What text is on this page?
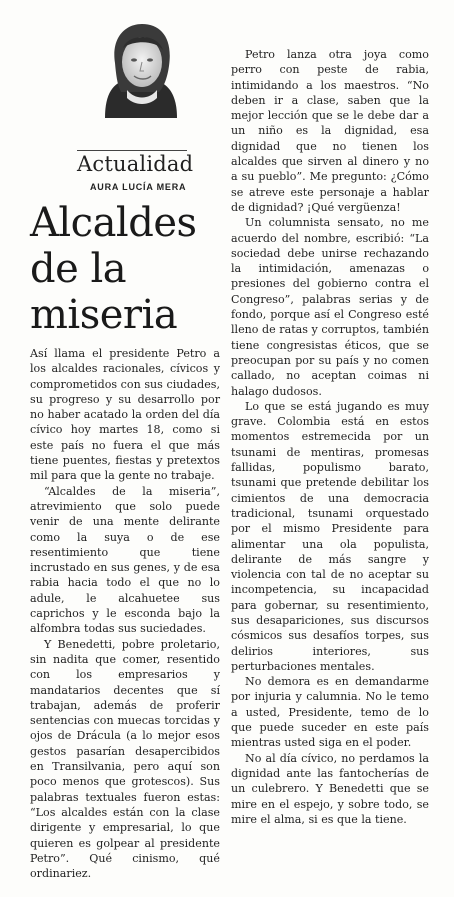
Actualidad
AURA LUCÍA MERA
Alcaldes
de la
miseria

Así llama el presidente Petro a los alcaldes racionales, cívicos y comprometidos con sus ciudades, su progreso y su desarrollo por no haber acatado la orden del día cívico hoy martes 18, como si este país no fuera el que más tiene puentes, fiestas y pretextos mil para que la gente no trabaje.

“Alcaldes de la miseria”, atrevimiento que solo puede venir de una mente delirante como la suya o de ese resentimiento que tiene incrustado en sus genes, y de esa rabia hacia todo el que no lo adule, le alcahuetee sus caprichos y le esconda bajo la alfombra todas sus suciedades.

Y Benedetti, pobre proletario, sin nadita que comer, resentido con los empresarios y mandatarios decentes que sí trabajan, además de proferir sentencias con muecas torcidas y ojos de Drácula (a lo mejor esos gestos pasarían desapercibidos en Transilvania, pero aquí son poco menos que grotescos). Sus palabras textuales fueron estas: “Los alcaldes están con la clase dirigente y empresarial, lo que quieren es golpear al presidente Petro”. Qué cinismo, qué ordinariez.

Petro lanza otra joya como perro con peste de rabia, intimidando a los maestros. “No deben ir a clase, saben que la mejor lección que se le debe dar a un niño es la dignidad, esa dignidad que no tienen los alcaldes que sirven al dinero y no a su pueblo”. Me pregunto: ¿Cómo se atreve este personaje a hablar de dignidad? ¡Qué vergüenza!

Un columnista sensato, no me acuerdo del nombre, escribió: “La sociedad debe unirse rechazando la intimidación, amenazas o presiones del gobierno contra el Congreso”, palabras serias y de fondo, porque así el Congreso esté lleno de ratas y corruptos, también tiene congresistas éticos, que se preocupan por su país y no comen callado, no aceptan coimas ni halago dudosos.

Lo que se está jugando es muy grave. Colombia está en estos momentos estremecida por un tsunami de mentiras, promesas fallidas, populismo barato, tsunami que pretende debilitar los cimientos de una democracia tradicional, tsunami orquestado por el mismo Presidente para alimentar una ola populista, delirante de más sangre y violencia con tal de no aceptar su incompetencia, su incapacidad para gobernar, su resentimiento, sus desapariciones, sus discursos cósmicos sus desafíos torpes, sus delirios interiores, sus perturbaciones mentales.

No demora es en demandarme por injuria y calumnia. No le temo a usted, Presidente, temo de lo que puede suceder en este país mientras usted siga en el poder.

No al día cívico, no perdamos la dignidad ante las fantocherías de un culebrero. Y Benedetti que se mire en el espejo, y sobre todo, se mire el alma, si es que la tiene.
